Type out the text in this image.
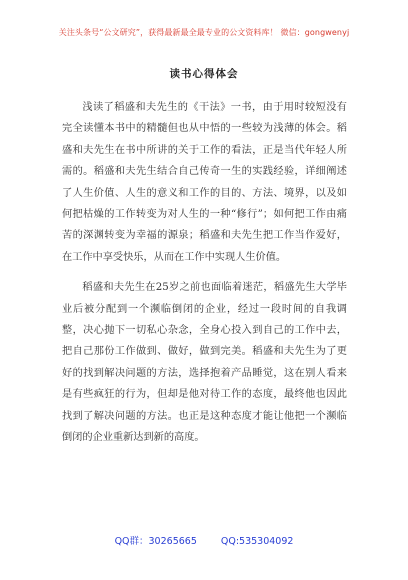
关注头条号“公文研究”，获得最新最全最专业的公文资料库！ 微信：gongwenyj
读书心得体会

浅读了稻盛和夫先生的《干法》一书，由于用时较短没有完全读懂本书中的精髓但也从中悟的一些较为浅薄的体会。稻盛和夫先生在书中所讲的关于工作的看法，正是当代年轻人所需的。稻盛和夫先生结合自己传奇一生的实践经验，详细阐述了人生价值、人生的意义和工作的目的、方法、境界，以及如何把枯燥的工作转变为对人生的一种“修行”；如何把工作由痛苦的深渊转变为幸福的源泉；稻盛和夫先生把工作当作爱好，在工作中享受快乐，从而在工作中实现人生价值。

稻盛和夫先生在25岁之前也面临着迷茫，稻盛先生大学毕业后被分配到一个濒临倒闭的企业，经过一段时间的自我调整，决心抛下一切私心杂念，全身心投入到自己的工作中去，把自己那份工作做到、做好，做到完美。稻盛和夫先生为了更好的找到解决问题的方法，选择抱着产品睡觉，这在别人看来是有些疯狂的行为，但却是他对待工作的态度，最终他也因此找到了解决问题的方法。也正是这种态度才能让他把一个濒临倒闭的企业重新达到新的高度。

QQ群：30265665	QQ:535304092
